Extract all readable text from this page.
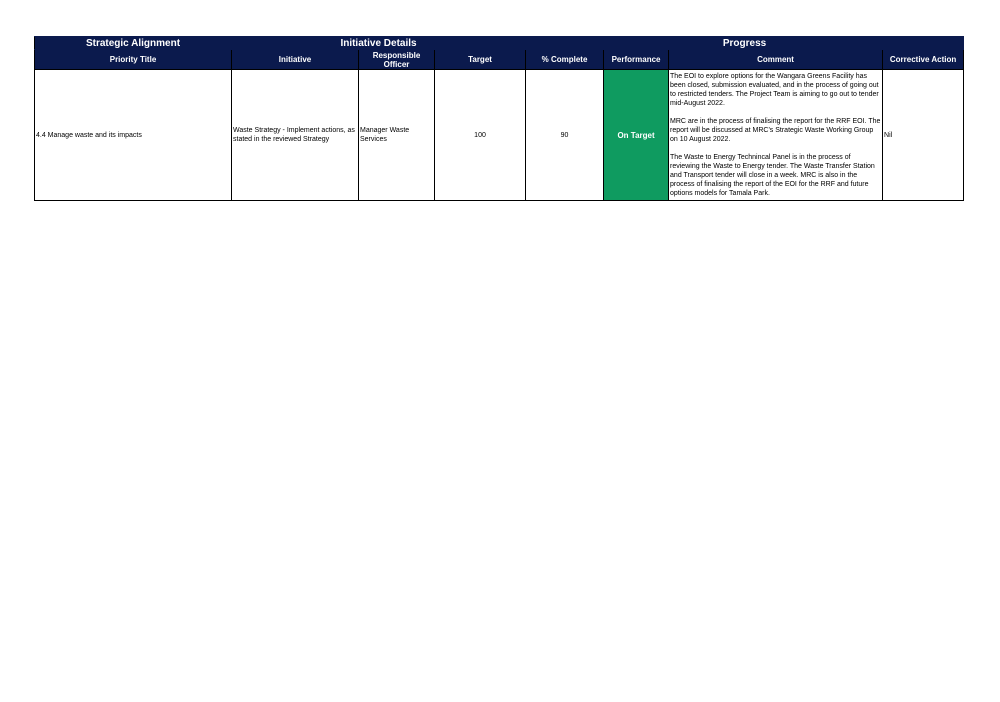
Strategic Alignment	Initiative Details			Progress			
Priority Title	Initiative	Responsible Officer	Target	% Complete	Performance	Comment	Corrective Action
4.4 Manage waste and its impacts	Waste Strategy - Implement actions, as stated in the reviewed Strategy	Manager Waste Services	100	90	On Target	The EOI to explore options for the Wangara Greens Facility has been closed, submission evaluated, and in the process of going out to restricted tenders. The Project Team is aiming to go out to tender mid-August 2022.

MRC are in the process of finalising the report for the RRF EOI. The report will be discussed at MRC's Strategic Waste Working Group on 10 August 2022.

The Waste to Energy Technincal Panel is in the process of reviewing the Waste to Energy tender. The Waste Transfer Station and Transport tender will close in a week. MRC is also in the process of finalising the report of the EOI for the RRF and future options models for Tamala Park.	Nil
